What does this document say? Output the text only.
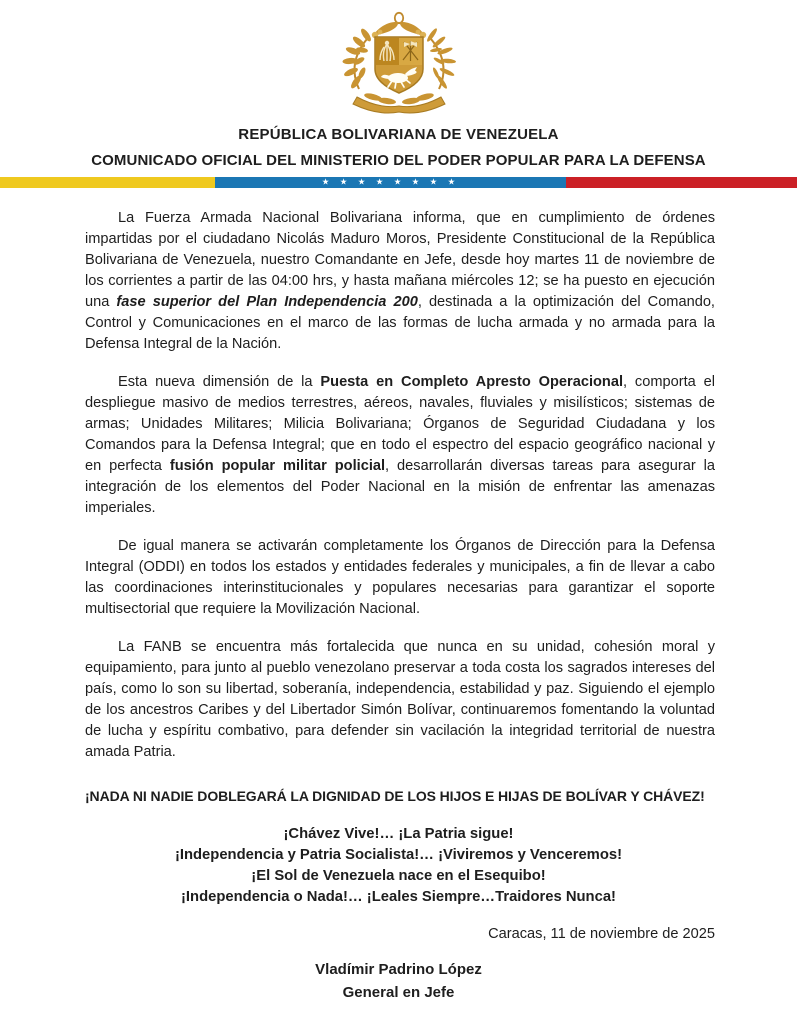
REPÚBLICA BOLIVARIANA DE VENEZUELA
COMUNICADO OFICIAL DEL MINISTERIO DEL PODER POPULAR PARA LA DEFENSA
★ ★ ★ ★ ★ ★ ★ ★

La Fuerza Armada Nacional Bolivariana informa, que en cumplimiento de órdenes impartidas por el ciudadano Nicolás Maduro Moros, Presidente Constitucional de la República Bolivariana de Venezuela, nuestro Comandante en Jefe, desde hoy martes 11 de noviembre de los corrientes a partir de las 04:00 hrs, y hasta mañana miércoles 12; se ha puesto en ejecución una fase superior del Plan Independencia 200, destinada a la optimización del Comando, Control y Comunicaciones en el marco de las formas de lucha armada y no armada para la Defensa Integral de la Nación.

Esta nueva dimensión de la Puesta en Completo Apresto Operacional, comporta el despliegue masivo de medios terrestres, aéreos, navales, fluviales y misilísticos; sistemas de armas; Unidades Militares; Milicia Bolivariana; Órganos de Seguridad Ciudadana y los Comandos para la Defensa Integral; que en todo el espectro del espacio geográfico nacional y en perfecta fusión popular militar policial, desarrollarán diversas tareas para asegurar la integración de los elementos del Poder Nacional en la misión de enfrentar las amenazas imperiales.

De igual manera se activarán completamente los Órganos de Dirección para la Defensa Integral (ODDI) en todos los estados y entidades federales y municipales, a fin de llevar a cabo las coordinaciones interinstitucionales y populares necesarias para garantizar el soporte multisectorial que requiere la Movilización Nacional.

La FANB se encuentra más fortalecida que nunca en su unidad, cohesión moral y equipamiento, para junto al pueblo venezolano preservar a toda costa los sagrados intereses del país, como lo son su libertad, soberanía, independencia, estabilidad y paz. Siguiendo el ejemplo de los ancestros Caribes y del Libertador Simón Bolívar, continuaremos fomentando la voluntad de lucha y espíritu combativo, para defender sin vacilación la integridad territorial de nuestra amada Patria.

¡NADA NI NADIE DOBLEGARÁ LA DIGNIDAD DE LOS HIJOS E HIJAS DE BOLÍVAR Y CHÁVEZ!
¡Chávez Vive!… ¡La Patria sigue!
¡Independencia y Patria Socialista!… ¡Viviremos y Venceremos!
¡El Sol de Venezuela nace en el Esequibo!
¡Independencia o Nada!… ¡Leales Siempre…Traidores Nunca!
Caracas, 11 de noviembre de 2025
Vladímir Padrino López
General en Jefe
